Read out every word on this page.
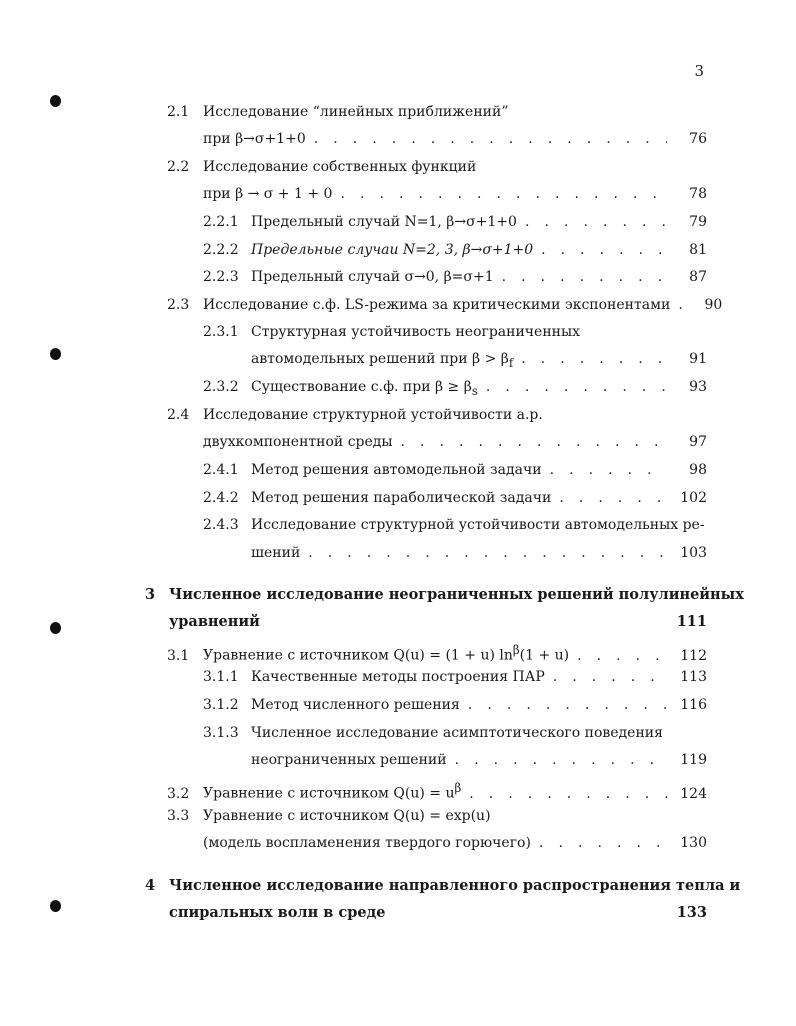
3
2.1 Исследование “линейных приближений”
при β→σ+1+0 . . .	76
2.2 Исследование собственных функций
при β → σ + 1 + 0 . . .	78
2.2.1 Предельный случай N=1, β→σ+1+0 . . .	79
2.2.2 Предельные случаи N=2, 3, β→σ+1+0 . . .	81
2.2.3 Предельный случай σ→0, β=σ+1 . . .	87
2.3 Исследование с.ф. LS-режима за критическими экспонентами . . .	90
2.3.1 Структурная устойчивость неограниченных
автомодельных решений при $\beta > \beta_f$ . . .	91
2.3.2 Существование с.ф. при $\beta \ge \beta_s$ . . .	93
2.4 Исследование структурной устойчивости а.р.
двухкомпонентной среды . . .	97
2.4.1 Метод решения автомодельной задачи . . .	98
2.4.2 Метод решения параболической задачи . . .	102
2.4.3 Исследование структурной устойчивости автомодельных ре-
шений . . .	103
3 Численное исследование неограниченных решений полулинейных
уравнений	111
3.1 Уравнение с источником Q(u) = (1 + u) $\ln^\beta(1 + u)$ . . .	112
3.1.1 Качественные методы построения ПАР . . .	113
3.1.2 Метод численного решения . . .	116
3.1.3 Численное исследование асимптотического поведения
неограниченных решений . . .	119
3.2 Уравнение с источником $Q(u) = u^\beta$ . . .	124
3.3 Уравнение с источником Q(u) = exp(u)
(модель воспламенения твердого горючего) . . .	130
4 Численное исследование направленного распространения тепла и
спиральных волн в среде	133
